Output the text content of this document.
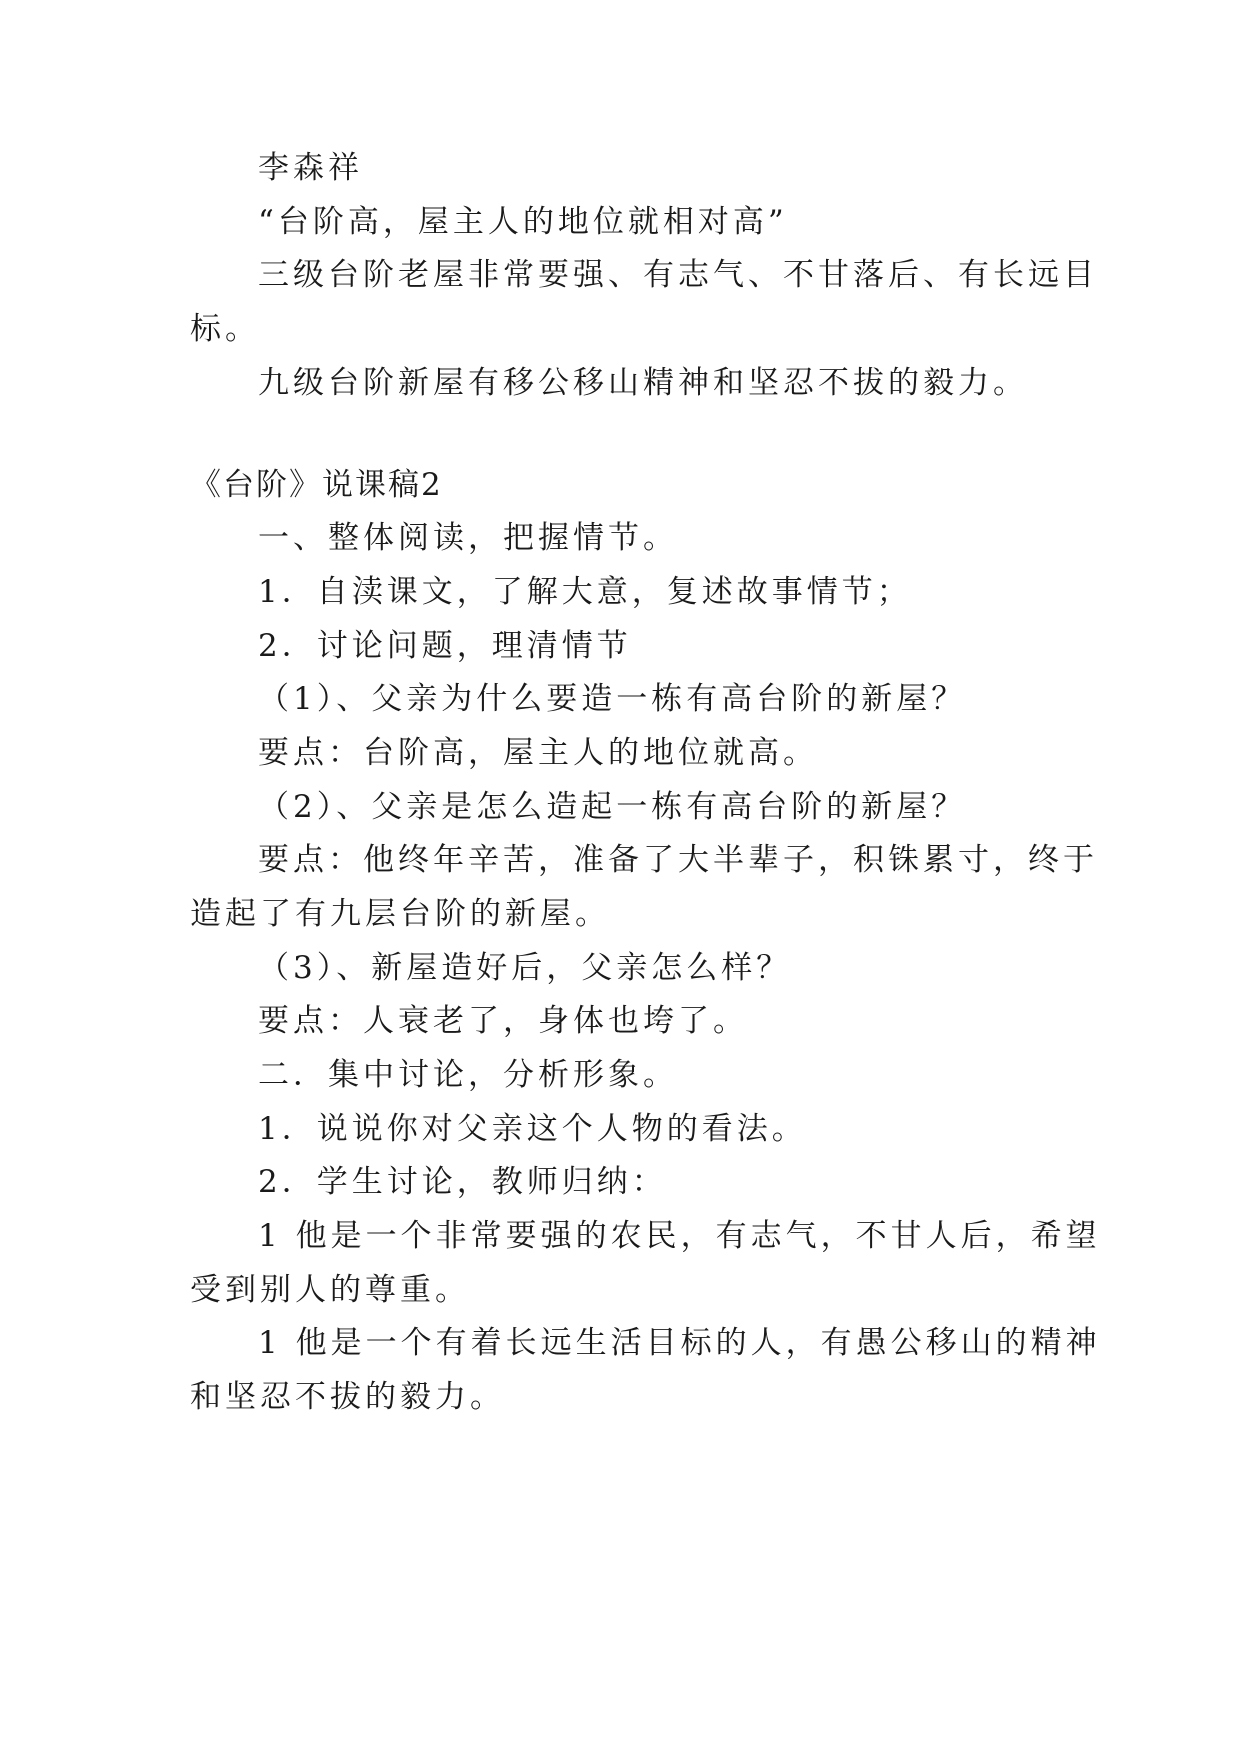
李森祥
“台阶高，屋主人的地位就相对高”
三级台阶老屋非常要强、有志气、不甘落后、有长远目
标。
九级台阶新屋有移公移山精神和坚忍不拔的毅力。
《台阶》说课稿2
一、整体阅读，把握情节。
1．自渎课文，了解大意，复述故事情节；
2．讨论问题，理清情节
（1）、父亲为什么要造一栋有高台阶的新屋？
要点：台阶高，屋主人的地位就高。
（2）、父亲是怎么造起一栋有高台阶的新屋？
要点：他终年辛苦，准备了大半辈子，积铢累寸，终于
造起了有九层台阶的新屋。
（3）、新屋造好后，父亲怎么样？
要点：人衰老了，身体也垮了。
二．集中讨论，分析形象。
1．说说你对父亲这个人物的看法。
2．学生讨论，教师归纳：
1 他是一个非常要强的农民，有志气，不甘人后，希望
受到别人的尊重。
1 他是一个有着长远生活目标的人，有愚公移山的精神
和坚忍不拔的毅力。
